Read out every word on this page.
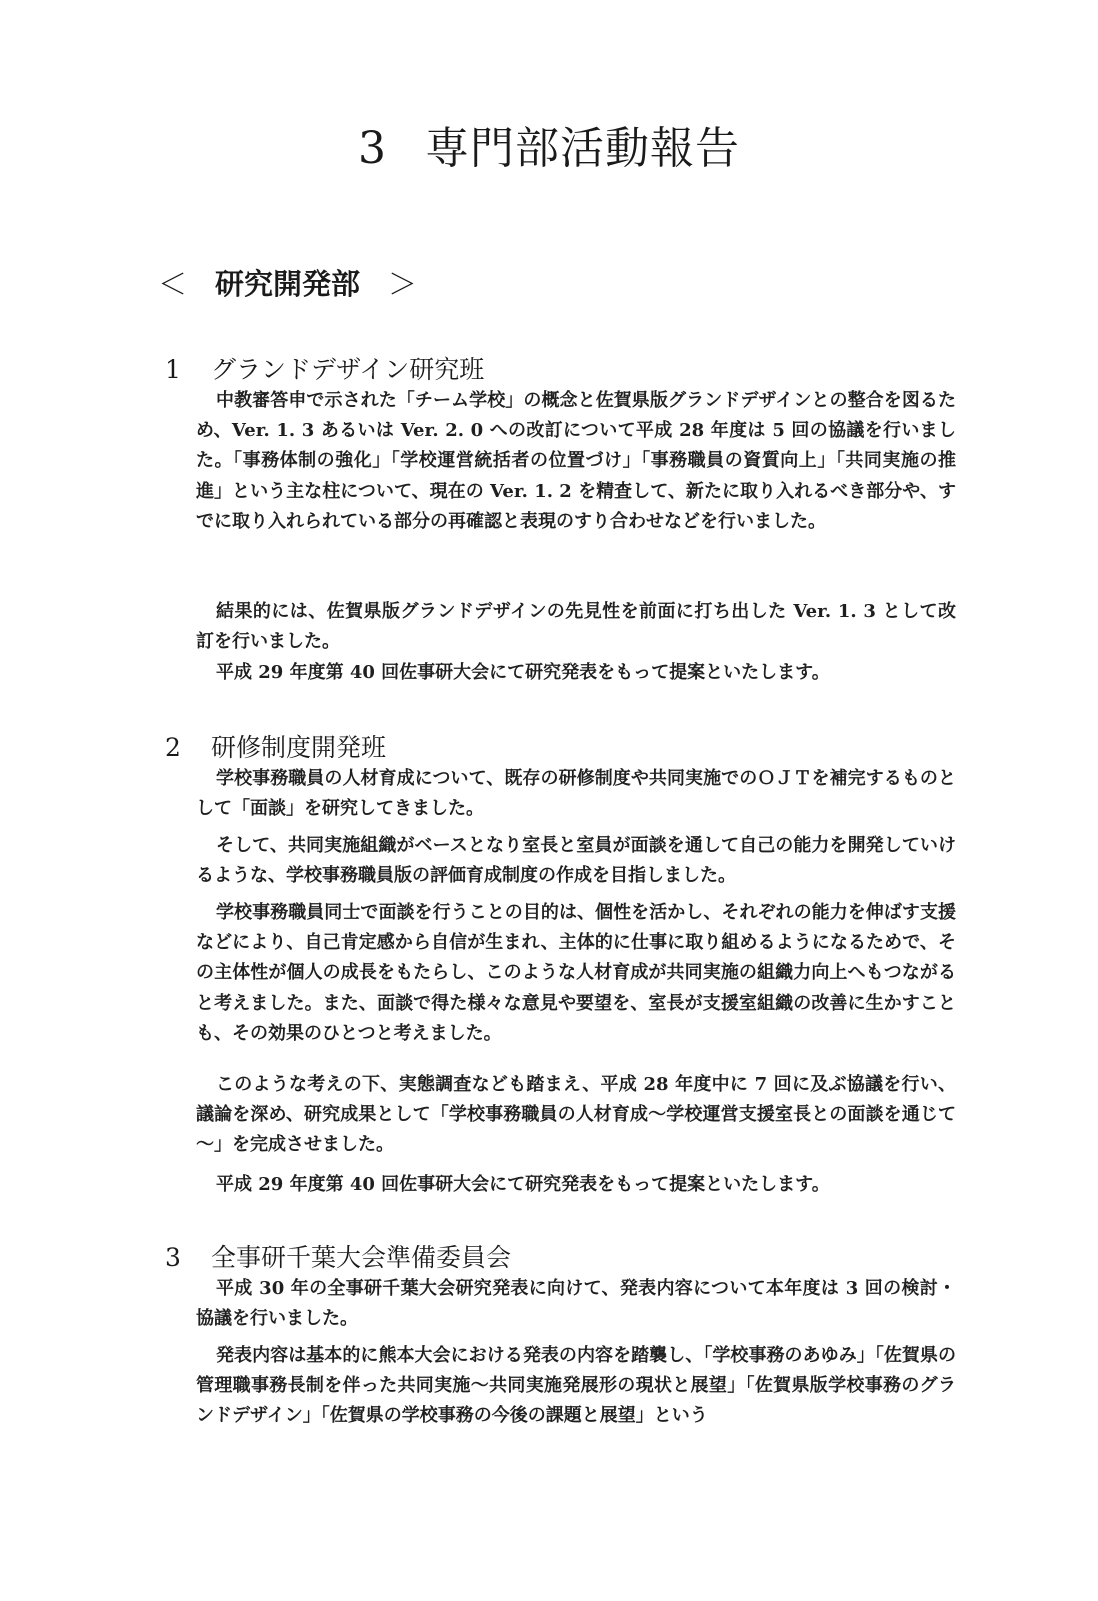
3 専門部活動報告
＜ 研究開発部 ＞
1 グランドデザイン研究班

中教審答申で示された「チーム学校」の概念と佐賀県版グランドデザインとの整合を図るため、Ver. 1. 3 あるいは Ver. 2. 0 への改訂について平成 28 年度は 5 回の協議を行いました。「事務体制の強化」「学校運営統括者の位置づけ」「事務職員の資質向上」「共同実施の推進」という主な柱について、現在の Ver. 1. 2 を精査して、新たに取り入れるべき部分や、すでに取り入れられている部分の再確認と表現のすり合わせなどを行いました。

結果的には、佐賀県版グランドデザインの先見性を前面に打ち出した Ver. 1. 3 として改訂を行いました。

平成 29 年度第 40 回佐事研大会にて研究発表をもって提案といたします。

2 研修制度開発班

学校事務職員の人材育成について、既存の研修制度や共同実施でのＯＪＴを補完するものとして「面談」を研究してきました。

そして、共同実施組織がベースとなり室長と室員が面談を通して自己の能力を開発していけるような、学校事務職員版の評価育成制度の作成を目指しました。

学校事務職員同士で面談を行うことの目的は、個性を活かし、それぞれの能力を伸ばす支援などにより、自己肯定感から自信が生まれ、主体的に仕事に取り組めるようになるためで、その主体性が個人の成長をもたらし、このような人材育成が共同実施の組織力向上へもつながると考えました。また、面談で得た様々な意見や要望を、室長が支援室組織の改善に生かすことも、その効果のひとつと考えました。

このような考えの下、実態調査なども踏まえ、平成 28 年度中に 7 回に及ぶ協議を行い、議論を深め、研究成果として「学校事務職員の人材育成～学校運営支援室長との面談を通じて～」を完成させました。

平成 29 年度第 40 回佐事研大会にて研究発表をもって提案といたします。

3 全事研千葉大会準備委員会

平成 30 年の全事研千葉大会研究発表に向けて、発表内容について本年度は 3 回の検討・協議を行いました。

発表内容は基本的に熊本大会における発表の内容を踏襲し、「学校事務のあゆみ」「佐賀県の管理職事務長制を伴った共同実施～共同実施発展形の現状と展望」「佐賀県版学校事務のグランドデザイン」「佐賀県の学校事務の今後の課題と展望」という
